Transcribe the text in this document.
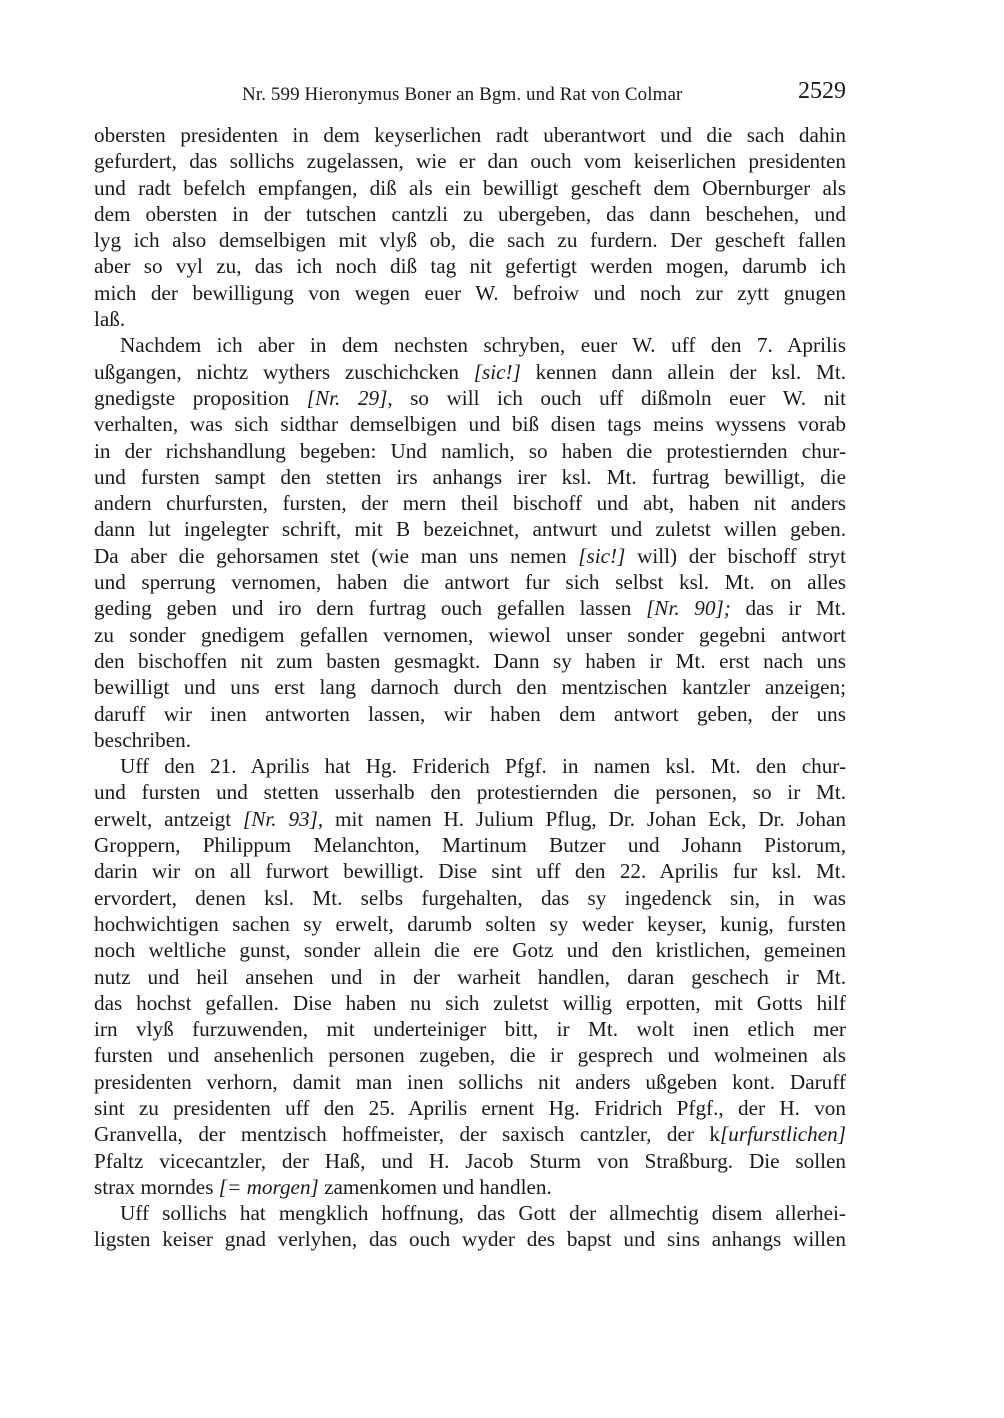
Nr. 599 Hieronymus Boner an Bgm. und Rat von Colmar	2529
obersten presidenten in dem keyserlichen radt uberantwort und die sach dahin
gefurdert, das sollichs zugelassen, wie er dan ouch vom keiserlichen presidenten
und radt befelch empfangen, diß als ein bewilligt gescheft dem Obernburger als
dem obersten in der tutschen cantzli zu ubergeben, das dann beschehen, und
lyg ich also demselbigen mit vlyß ob, die sach zu furdern. Der gescheft fallen
aber so vyl zu, das ich noch diß tag nit gefertigt werden mogen, darumb ich
mich der bewilligung von wegen euer W. befroiw und noch zur zytt gnugen
laß.
Nachdem ich aber in dem nechsten schryben, euer W. uff den 7. Aprilis
ußgangen, nichtz wythers zuschichcken [sic!] kennen dann allein der ksl. Mt.
gnedigste proposition [Nr. 29], so will ich ouch uff dißmoln euer W. nit
verhalten, was sich sidthar demselbigen und biß disen tags meins wyssens vorab
in der richshandlung begeben: Und namlich, so haben die protestiernden chur-
und fursten sampt den stetten irs anhangs irer ksl. Mt. furtrag bewilligt, die
andern churfursten, fursten, der mern theil bischoff und abt, haben nit anders
dann lut ingelegter schrift, mit B bezeichnet, antwurt und zuletst willen geben.
Da aber die gehorsamen stet (wie man uns nemen [sic!] will) der bischoff stryt
und sperrung vernomen, haben die antwort fur sich selbst ksl. Mt. on alles
geding geben und iro dern furtrag ouch gefallen lassen [Nr. 90]; das ir Mt.
zu sonder gnedigem gefallen vernomen, wiewol unser sonder gegebni antwort
den bischoffen nit zum basten gesmagkt. Dann sy haben ir Mt. erst nach uns
bewilligt und uns erst lang darnoch durch den mentzischen kantzler anzeigen;
daruff wir inen antworten lassen, wir haben dem antwort geben, der uns
beschriben.
Uff den 21. Aprilis hat Hg. Friderich Pfgf. in namen ksl. Mt. den chur-
und fursten und stetten usserhalb den protestiernden die personen, so ir Mt.
erwelt, antzeigt [Nr. 93], mit namen H. Julium Pflug, Dr. Johan Eck, Dr. Johan
Groppern, Philippum Melanchton, Martinum Butzer und Johann Pistorum,
darin wir on all furwort bewilligt. Dise sint uff den 22. Aprilis fur ksl. Mt.
ervordert, denen ksl. Mt. selbs furgehalten, das sy ingedenck sin, in was
hochwichtigen sachen sy erwelt, darumb solten sy weder keyser, kunig, fursten
noch weltliche gunst, sonder allein die ere Gotz und den kristlichen, gemeinen
nutz und heil ansehen und in der warheit handlen, daran geschech ir Mt.
das hochst gefallen. Dise haben nu sich zuletst willig erpotten, mit Gotts hilf
irn vlyß furzuwenden, mit underteiniger bitt, ir Mt. wolt inen etlich mer
fursten und ansehenlich personen zugeben, die ir gesprech und wolmeinen als
presidenten verhorn, damit man inen sollichs nit anders ußgeben kont. Daruff
sint zu presidenten uff den 25. Aprilis ernent Hg. Fridrich Pfgf., der H. von
Granvella, der mentzisch hoffmeister, der saxisch cantzler, der k[urfurstlichen]
Pfaltz vicecantzler, der Haß, und H. Jacob Sturm von Straßburg. Die sollen
strax morndes [= morgen] zamenkomen und handlen.
Uff sollichs hat mengklich hoffnung, das Gott der allmechtig disem allerhei-
ligsten keiser gnad verlyhen, das ouch wyder des bapst und sins anhangs willen
